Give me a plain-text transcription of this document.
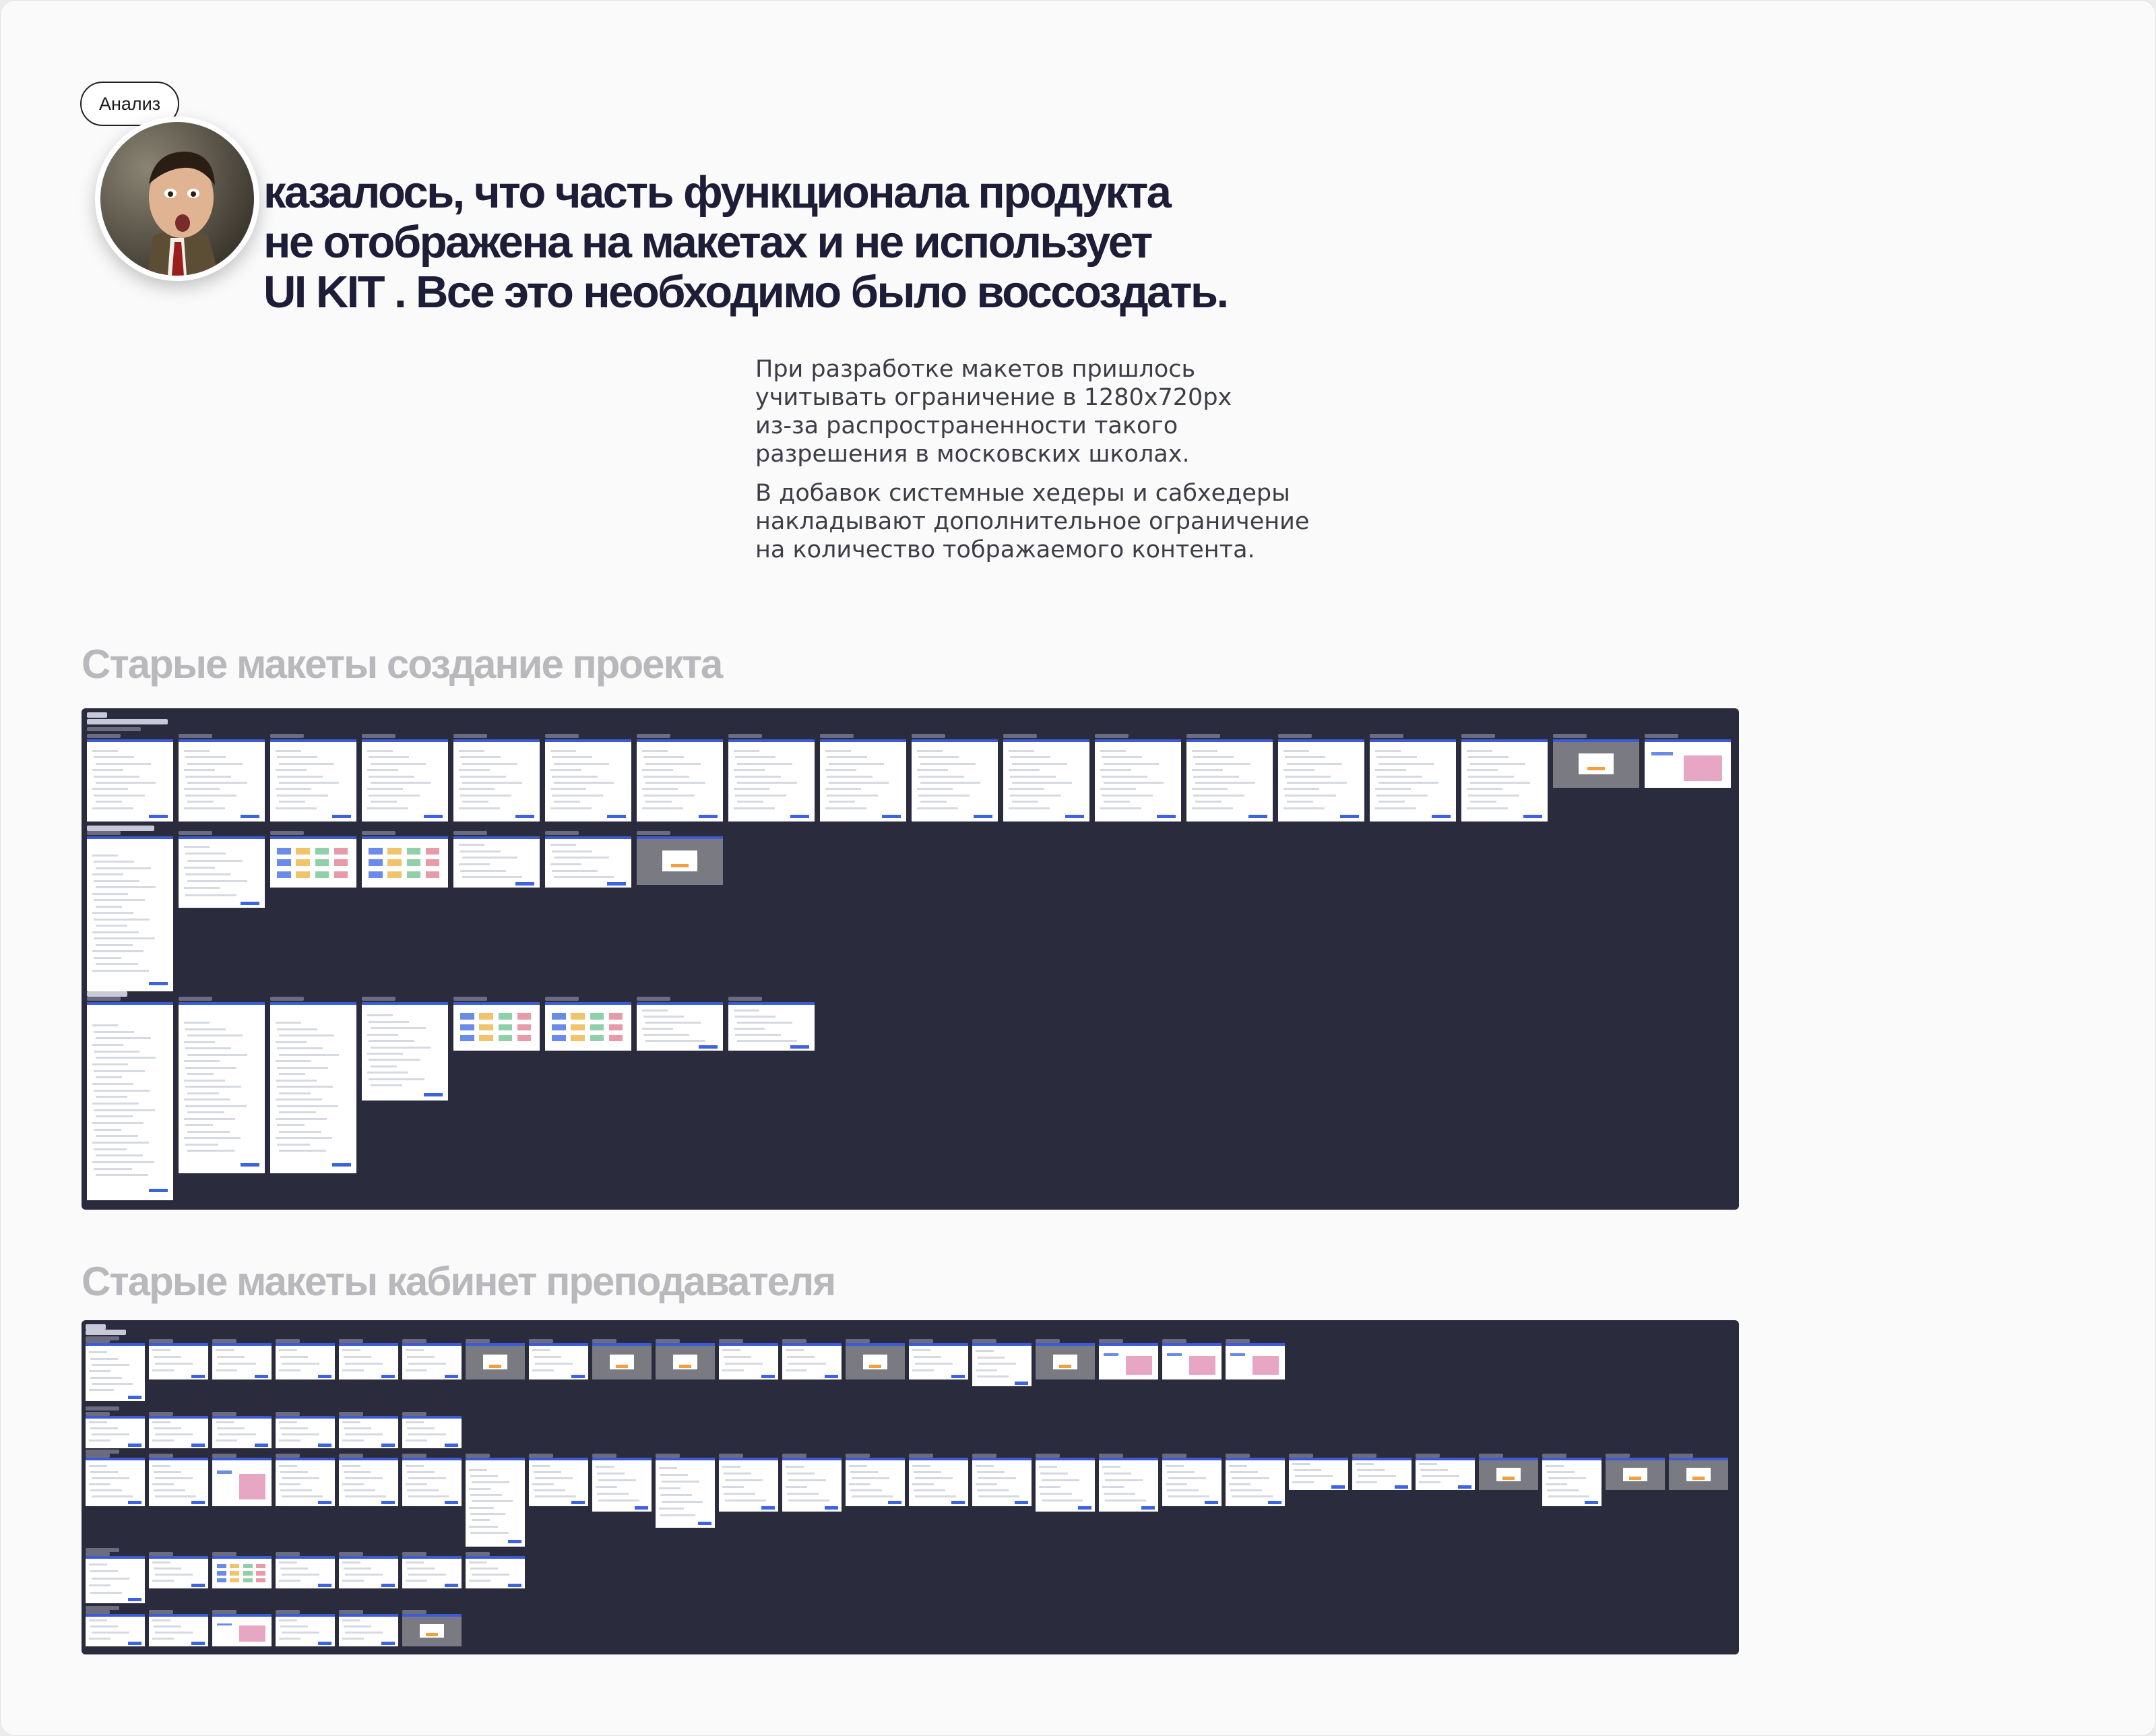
Анализ
казалось, что часть функционала продукта
не отображена на макетах и не использует
UI KIT . Все это необходимо было воссоздать.

При разработке макетов пришлось
учитывать ограничение в 1280x720px
из-за распространенности такого
разрешения в московских школах.

В добавок системные хедеры и сабхедеры
накладывают дополнительное ограничение
на количество тображаемого контента.

Старые макеты создание проекта
Старые макеты кабинет преподавателя
